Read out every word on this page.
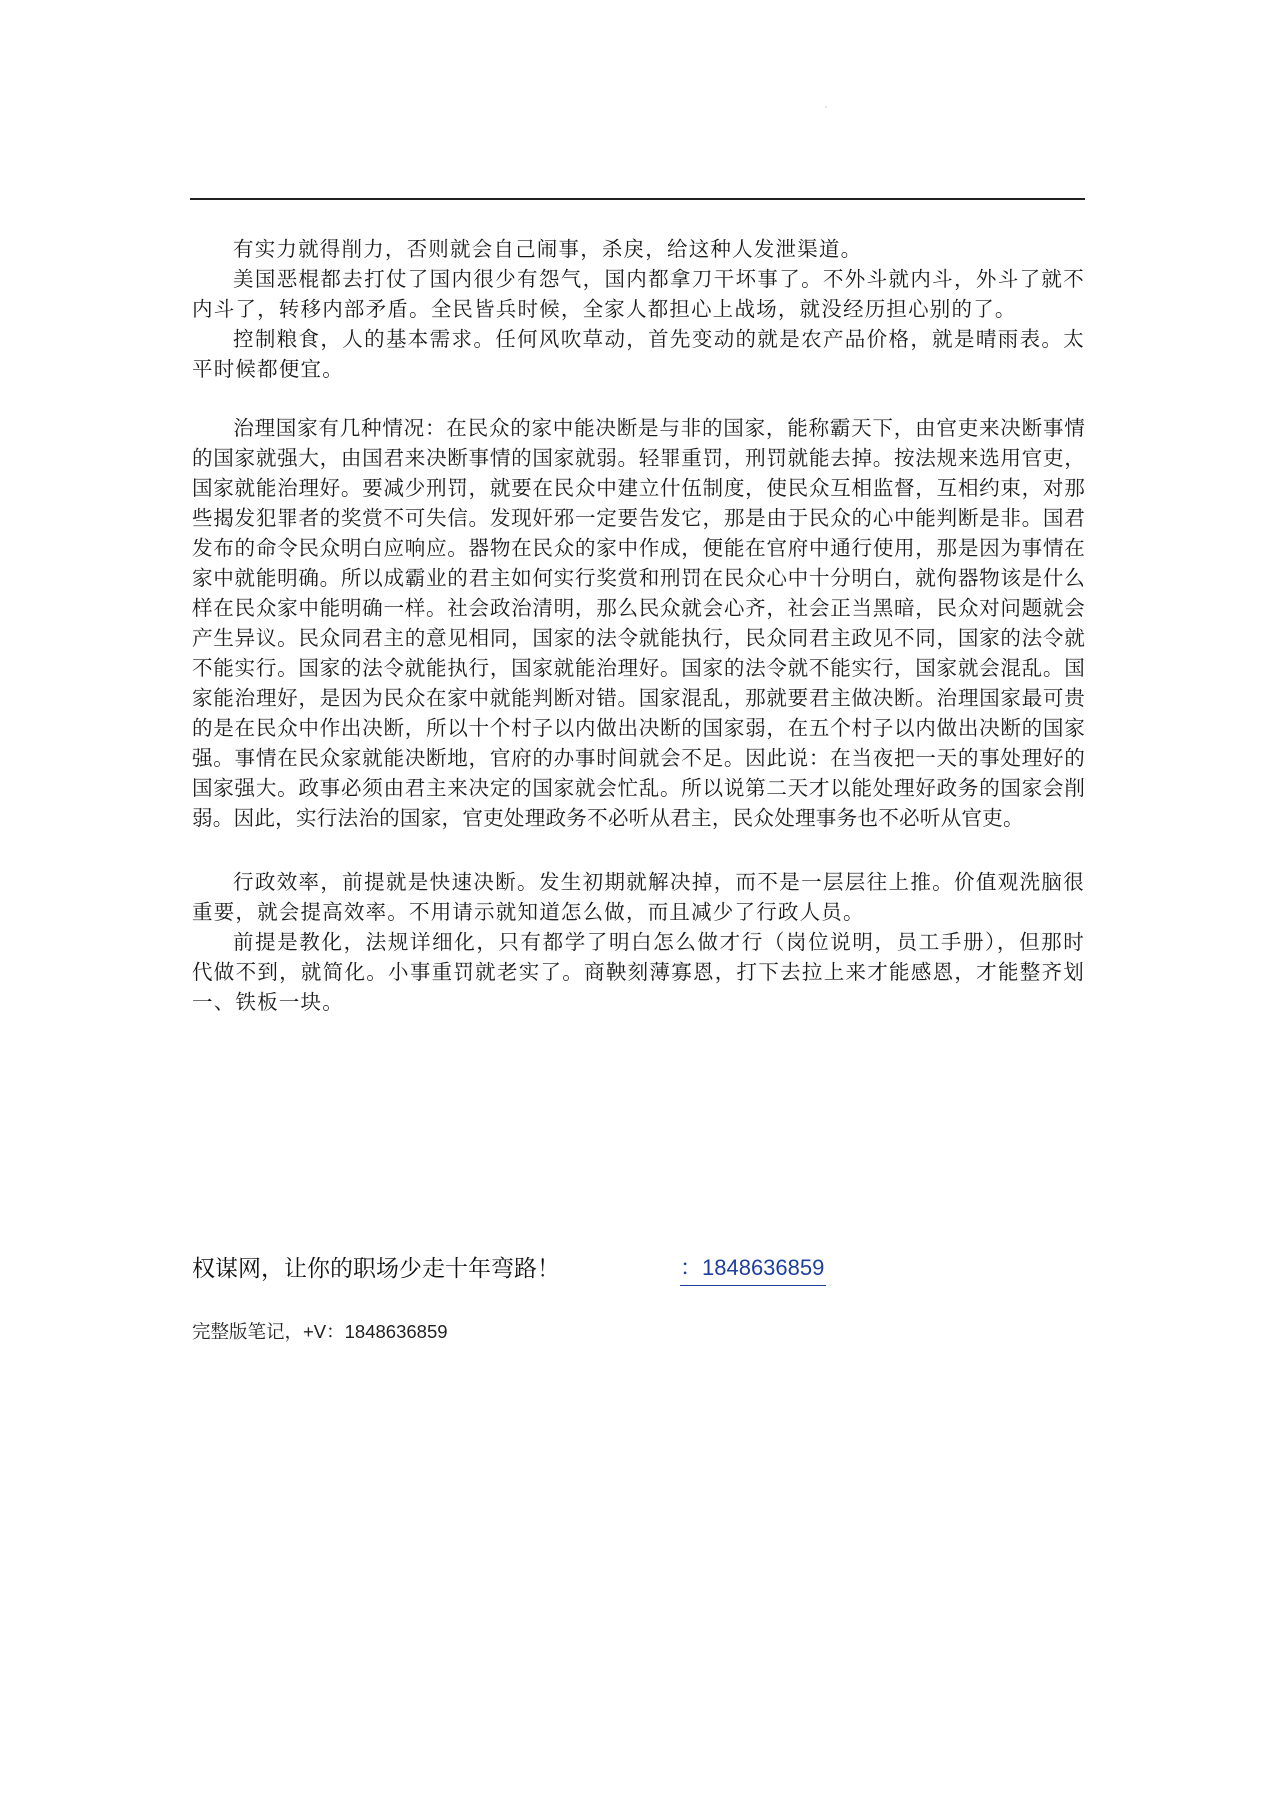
有实力就得削力，否则就会自己闹事，杀戾，给这种人发泄渠道。

美国恶棍都去打仗了国内很少有怨气，国内都拿刀干坏事了。不外斗就内斗，外斗了就不内斗了，转移内部矛盾。全民皆兵时候，全家人都担心上战场，就没经历担心别的了。

控制粮食，人的基本需求。任何风吹草动，首先变动的就是农产品价格，就是晴雨表。太平时候都便宜。

治理国家有几种情况：在民众的家中能决断是与非的国家，能称霸天下，由官吏来决断事情的国家就强大，由国君来决断事情的国家就弱。轻罪重罚，刑罚就能去掉。按法规来选用官吏，国家就能治理好。要减少刑罚，就要在民众中建立什伍制度，使民众互相监督，互相约束，对那些揭发犯罪者的奖赏不可失信。发现奸邪一定要告发它，那是由于民众的心中能判断是非。国君发布的命令民众明白应响应。器物在民众的家中作成，便能在官府中通行使用，那是因为事情在家中就能明确。所以成霸业的君主如何实行奖赏和刑罚在民众心中十分明白，就佝器物该是什么样在民众家中能明确一样。社会政治清明，那么民众就会心齐，社会正当黑暗，民众对问题就会产生异议。民众同君主的意见相同，国家的法令就能执行，民众同君主政见不同，国家的法令就不能实行。国家的法令就能执行，国家就能治理好。国家的法令就不能实行，国家就会混乱。国家能治理好，是因为民众在家中就能判断对错。国家混乱，那就要君主做决断。治理国家最可贵的是在民众中作出决断，所以十个村子以内做出决断的国家弱，在五个村子以内做出决断的国家强。事情在民众家就能决断地，官府的办事时间就会不足。因此说：在当夜把一天的事处理好的国家强大。政事必须由君主来决定的国家就会忙乱。所以说第二天才以能处理好政务的国家会削弱。因此，实行法治的国家，官吏处理政务不必听从君主，民众处理事务也不必听从官吏。

行政效率，前提就是快速决断。发生初期就解决掉，而不是一层层往上推。价值观洗脑很重要，就会提高效率。不用请示就知道怎么做，而且减少了行政人员。

前提是教化，法规详细化，只有都学了明白怎么做才行（岗位说明，员工手册），但那时代做不到，就简化。小事重罚就老实了。商鞅刻薄寡恩，打下去拉上来才能感恩，才能整齐划一、铁板一块。

权谋网，让你的职场少走十年弯路！	：1848636859
完整版笔记，+V：1848636859
